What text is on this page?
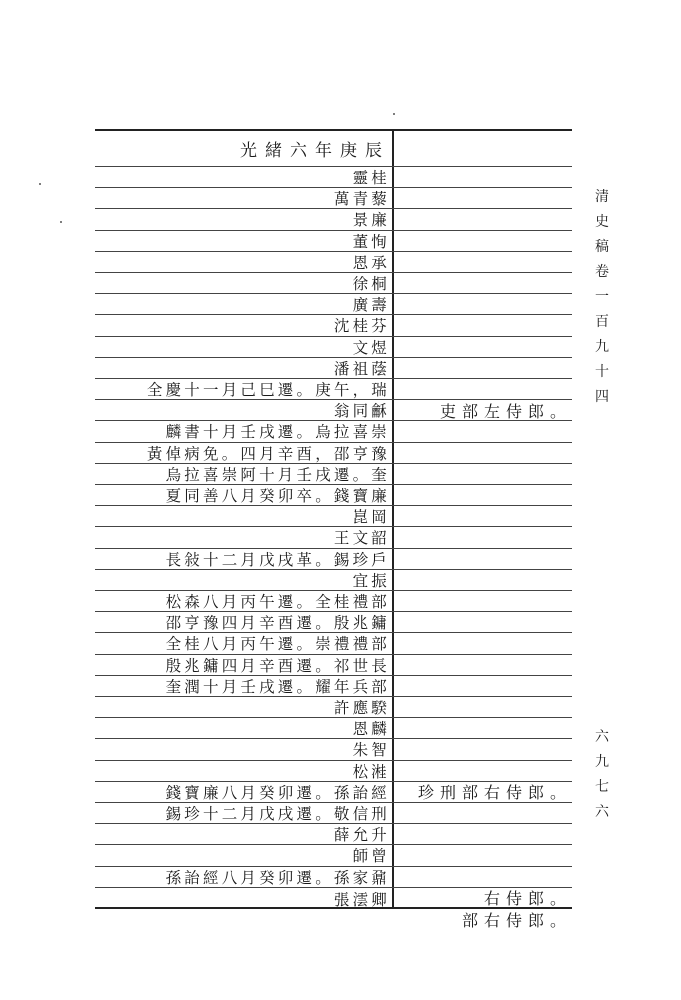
光緒六年庚辰
靈桂
萬青藜
景廉
董恂
恩承
徐桐
廣壽
沈桂芬
文煜
潘祖蔭
全慶十一月己巳遷。庚午，瑞
翁同龢
麟書十月壬戌遷。烏拉喜崇
黃倬病免。四月辛酉，邵亨豫
烏拉喜崇阿十月壬戌遷。奎
夏同善八月癸卯卒。錢寶廉
崑岡
王文韶
長敍十二月戊戌革。錫珍戶
宜振
松森八月丙午遷。全桂禮部
邵亨豫四月辛酉遷。殷兆鏞
全桂八月丙午遷。崇禮禮部
殷兆鏞四月辛酉遷。祁世長
奎潤十月壬戌遷。耀年兵部
許應騤
恩麟
朱智
松溎
錢寶廉八月癸卯遷。孫詒經
錫珍十二月戊戌遷。敬信刑
薛允升
師曾
孫詒經八月癸卯遷。孫家鼐
張澐卿
吏部左侍郎。
珍刑部右侍郎。
右侍郎。
部右侍郎。
清史稿卷一百九十四
六九七六
